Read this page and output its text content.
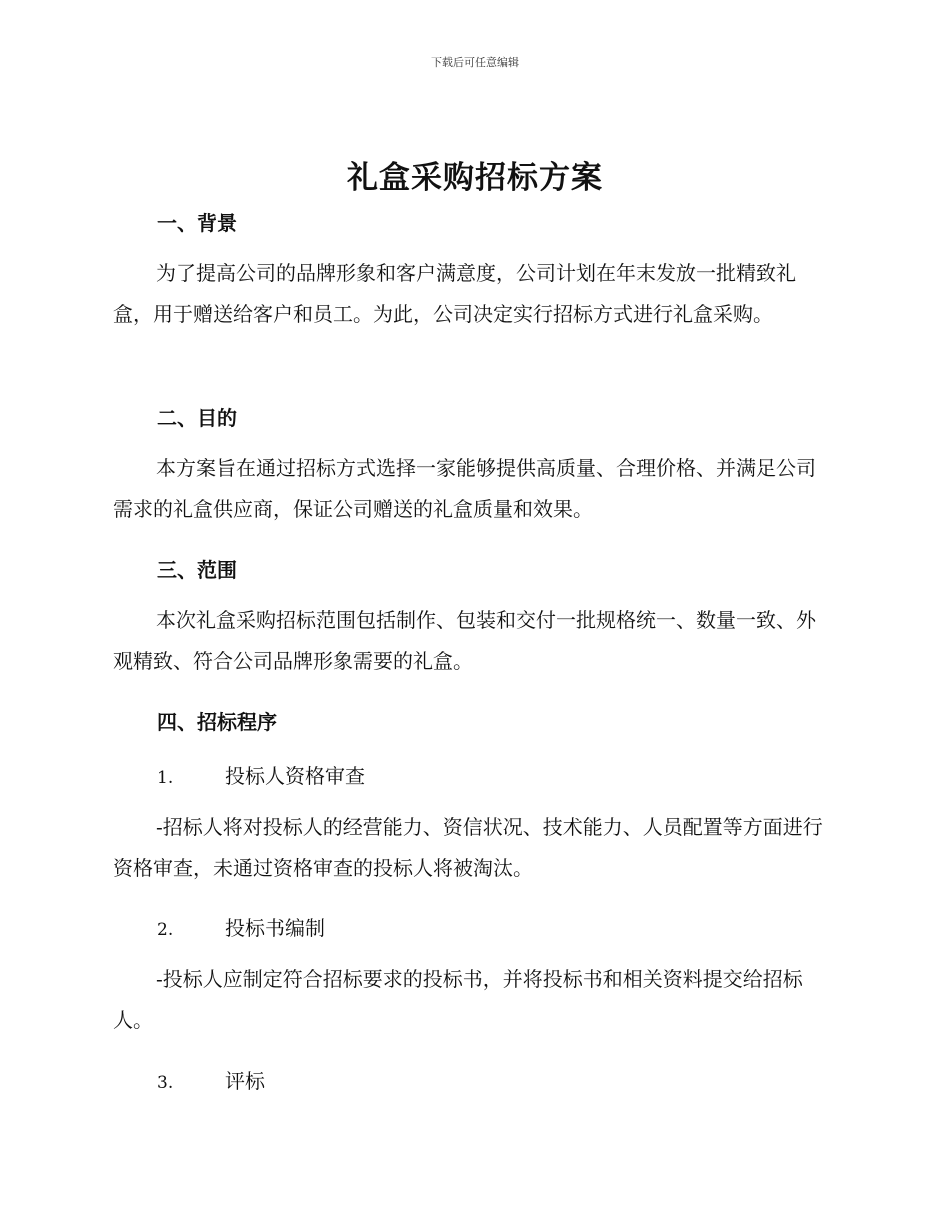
下载后可任意编辑
礼盒采购招标方案
一、背景
为了提高公司的品牌形象和客户满意度，公司计划在年末发放一批精致礼盒，用于赠送给客户和员工。为此，公司决定实行招标方式进行礼盒采购。
二、目的
本方案旨在通过招标方式选择一家能够提供高质量、合理价格、并满足公司需求的礼盒供应商，保证公司赠送的礼盒质量和效果。
三、范围
本次礼盒采购招标范围包括制作、包装和交付一批规格统一、数量一致、外观精致、符合公司品牌形象需要的礼盒。
四、招标程序
1.	投标人资格审查
-招标人将对投标人的经营能力、资信状况、技术能力、人员配置等方面进行资格审查，未通过资格审查的投标人将被淘汰。
2.	投标书编制
-投标人应制定符合招标要求的投标书，并将投标书和相关资料提交给招标人。
3.	评标
